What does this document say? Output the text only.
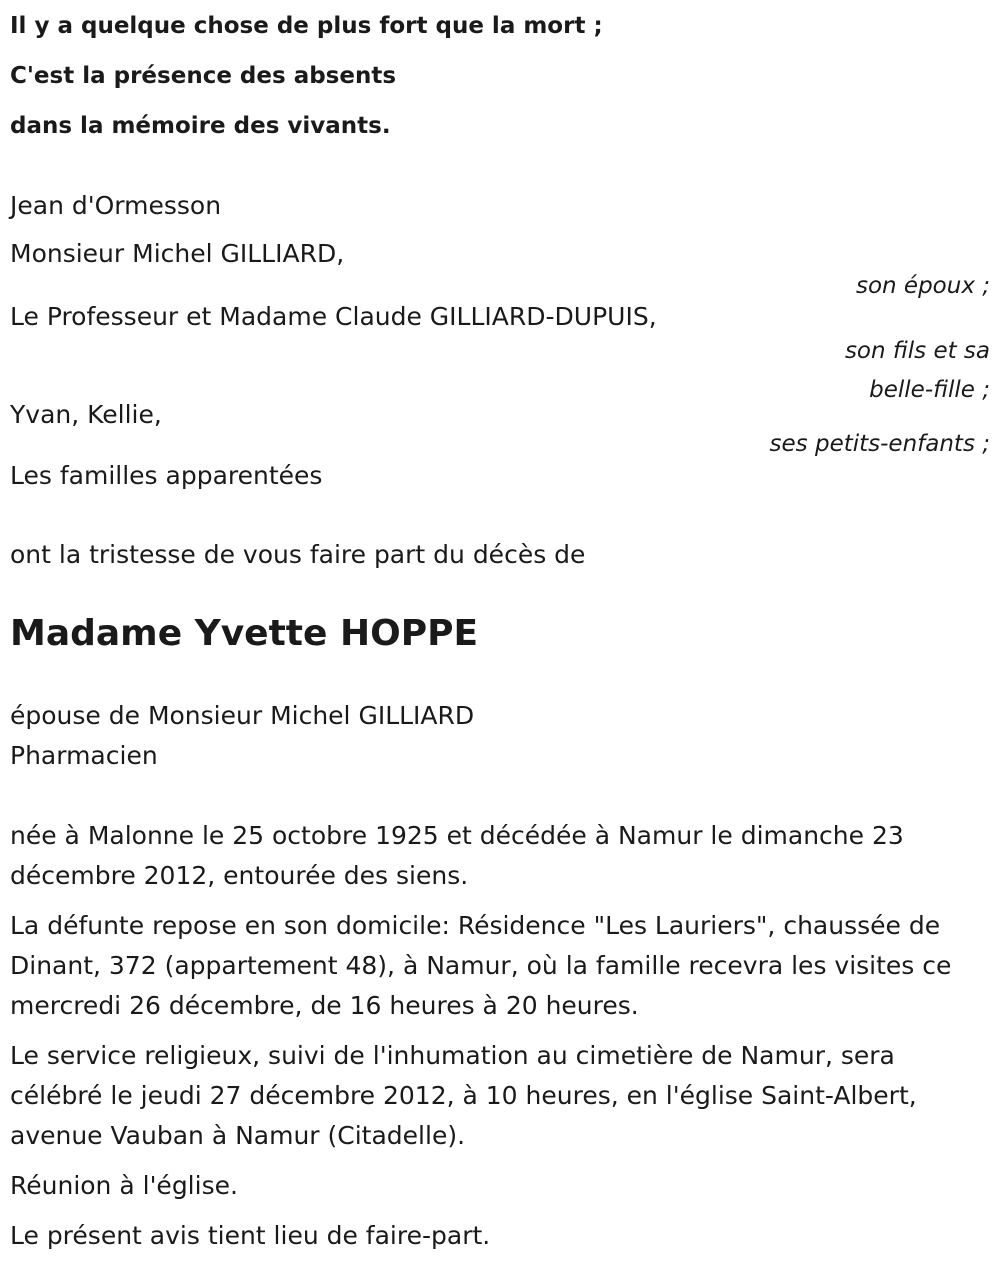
Il y a quelque chose de plus fort que la mort ;
C'est la présence des absents
dans la mémoire des vivants.
Jean d'Ormesson
Monsieur Michel GILLIARD,
son époux ;
Le Professeur et Madame Claude GILLIARD-DUPUIS,
son fils et sa
belle-fille ;
Yvan, Kellie,
ses petits-enfants ;
Les familles apparentées
ont la tristesse de vous faire part du décès de
Madame Yvette HOPPE
épouse de Monsieur Michel GILLIARD
Pharmacien
née à Malonne le 25 octobre 1925 et décédée à Namur le dimanche 23 décembre 2012, entourée des siens.
La défunte repose en son domicile: Résidence "Les Lauriers", chaussée de Dinant, 372 (appartement 48), à Namur, où la famille recevra les visites ce mercredi 26 décembre, de 16 heures à 20 heures.
Le service religieux, suivi de l'inhumation au cimetière de Namur, sera célébré le jeudi 27 décembre 2012, à 10 heures, en l'église Saint-Albert, avenue Vauban à Namur (Citadelle).
Réunion à l'église.
Le présent avis tient lieu de faire-part.
